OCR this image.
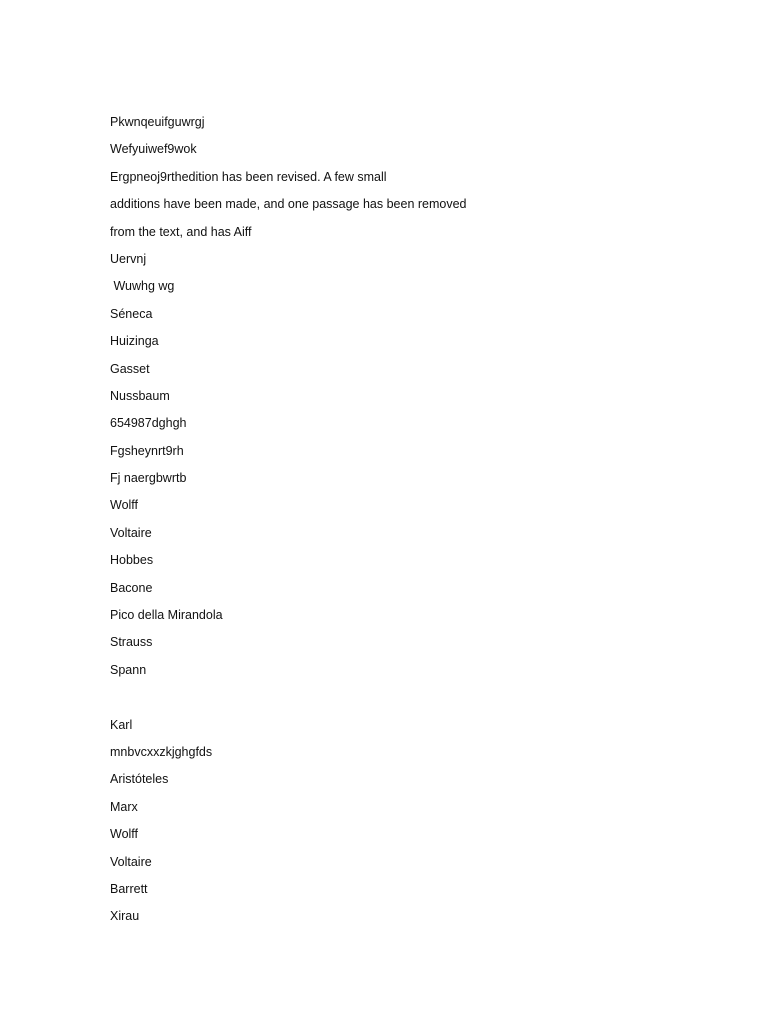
Pkwnqeuifguwrgj
Wefyuiwef9wok
Ergpneoj9rthedition has been revised. A few small
additions have been made, and one passage has been removed
from the text, and has Aiff
Uervnj
Wuwhg wg
Séneca
Huizinga
Gasset
Nussbaum
654987dghgh
Fgsheynrt9rh
Fj naergbwrtb
Wolff
Voltaire
Hobbes
Bacone
Pico della Mirandola
Strauss
Spann
Karl
mnbvcxxzkjghgfds
Aristóteles
Marx
Wolff
Voltaire
Barrett
Xirau
